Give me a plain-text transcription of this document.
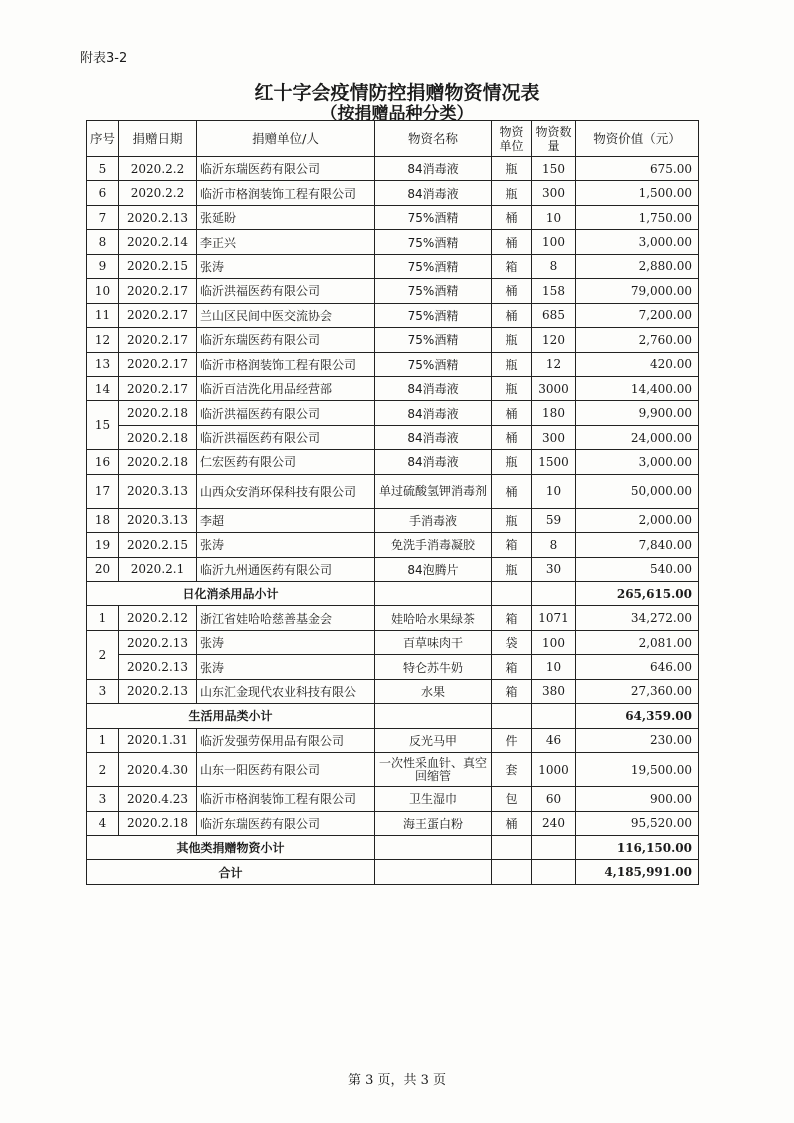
附表3-2
红十字会疫情防控捐赠物资情况表
（按捐赠品种分类）
序号	捐赠日期	捐赠单位/人	物资名称	物资单位	物资数量	物资价值（元）
5	2020.2.2	临沂东瑞医药有限公司	84消毒液	瓶	150	675.00
6	2020.2.2	临沂市格润装饰工程有限公司	84消毒液	瓶	300	1,500.00
7	2020.2.13	张延盼	75%酒精	桶	10	1,750.00
8	2020.2.14	李正兴	75%酒精	桶	100	3,000.00
9	2020.2.15	张涛	75%酒精	箱	8	2,880.00
10	2020.2.17	临沂洪福医药有限公司	75%酒精	桶	158	79,000.00
11	2020.2.17	兰山区民间中医交流协会	75%酒精	桶	685	7,200.00
12	2020.2.17	临沂东瑞医药有限公司	75%酒精	瓶	120	2,760.00
13	2020.2.17	临沂市格润装饰工程有限公司	75%酒精	瓶	12	420.00
14	2020.2.17	临沂百洁洗化用品经营部	84消毒液	瓶	3000	14,400.00
15	2020.2.18	临沂洪福医药有限公司	84消毒液	桶	180	9,900.00
	2020.2.18	临沂洪福医药有限公司	84消毒液	桶	300	24,000.00
16	2020.2.18	仁宏医药有限公司	84消毒液	瓶	1500	3,000.00
17	2020.3.13	山西众安消环保科技有限公司	单过硫酸氢钾消毒剂	桶	10	50,000.00
18	2020.3.13	李超	手消毒液	瓶	59	2,000.00
19	2020.2.15	张涛	免洗手消毒凝胶	箱	8	7,840.00
20	2020.2.1	临沂九州通医药有限公司	84泡腾片	瓶	30	540.00
日化消杀用品小计						265,615.00
1	2020.2.12	浙江省娃哈哈慈善基金会	娃哈哈水果绿茶	箱	1071	34,272.00
2	2020.2.13	张涛	百草味肉干	袋	100	2,081.00
	2020.2.13	张涛	特仑苏牛奶	箱	10	646.00
3	2020.2.13	山东汇金现代农业科技有限公	水果	箱	380	27,360.00
生活用品类小计						64,359.00
1	2020.1.31	临沂发强劳保用品有限公司	反光马甲	件	46	230.00
2	2020.4.30	山东一阳医药有限公司	一次性采血针、真空回缩管	套	1000	19,500.00
3	2020.4.23	临沂市格润装饰工程有限公司	卫生湿巾	包	60	900.00
4	2020.2.18	临沂东瑞医药有限公司	海王蛋白粉	桶	240	95,520.00
其他类捐赠物资小计						116,150.00
合计						4,185,991.00
第 3 页，共 3 页
